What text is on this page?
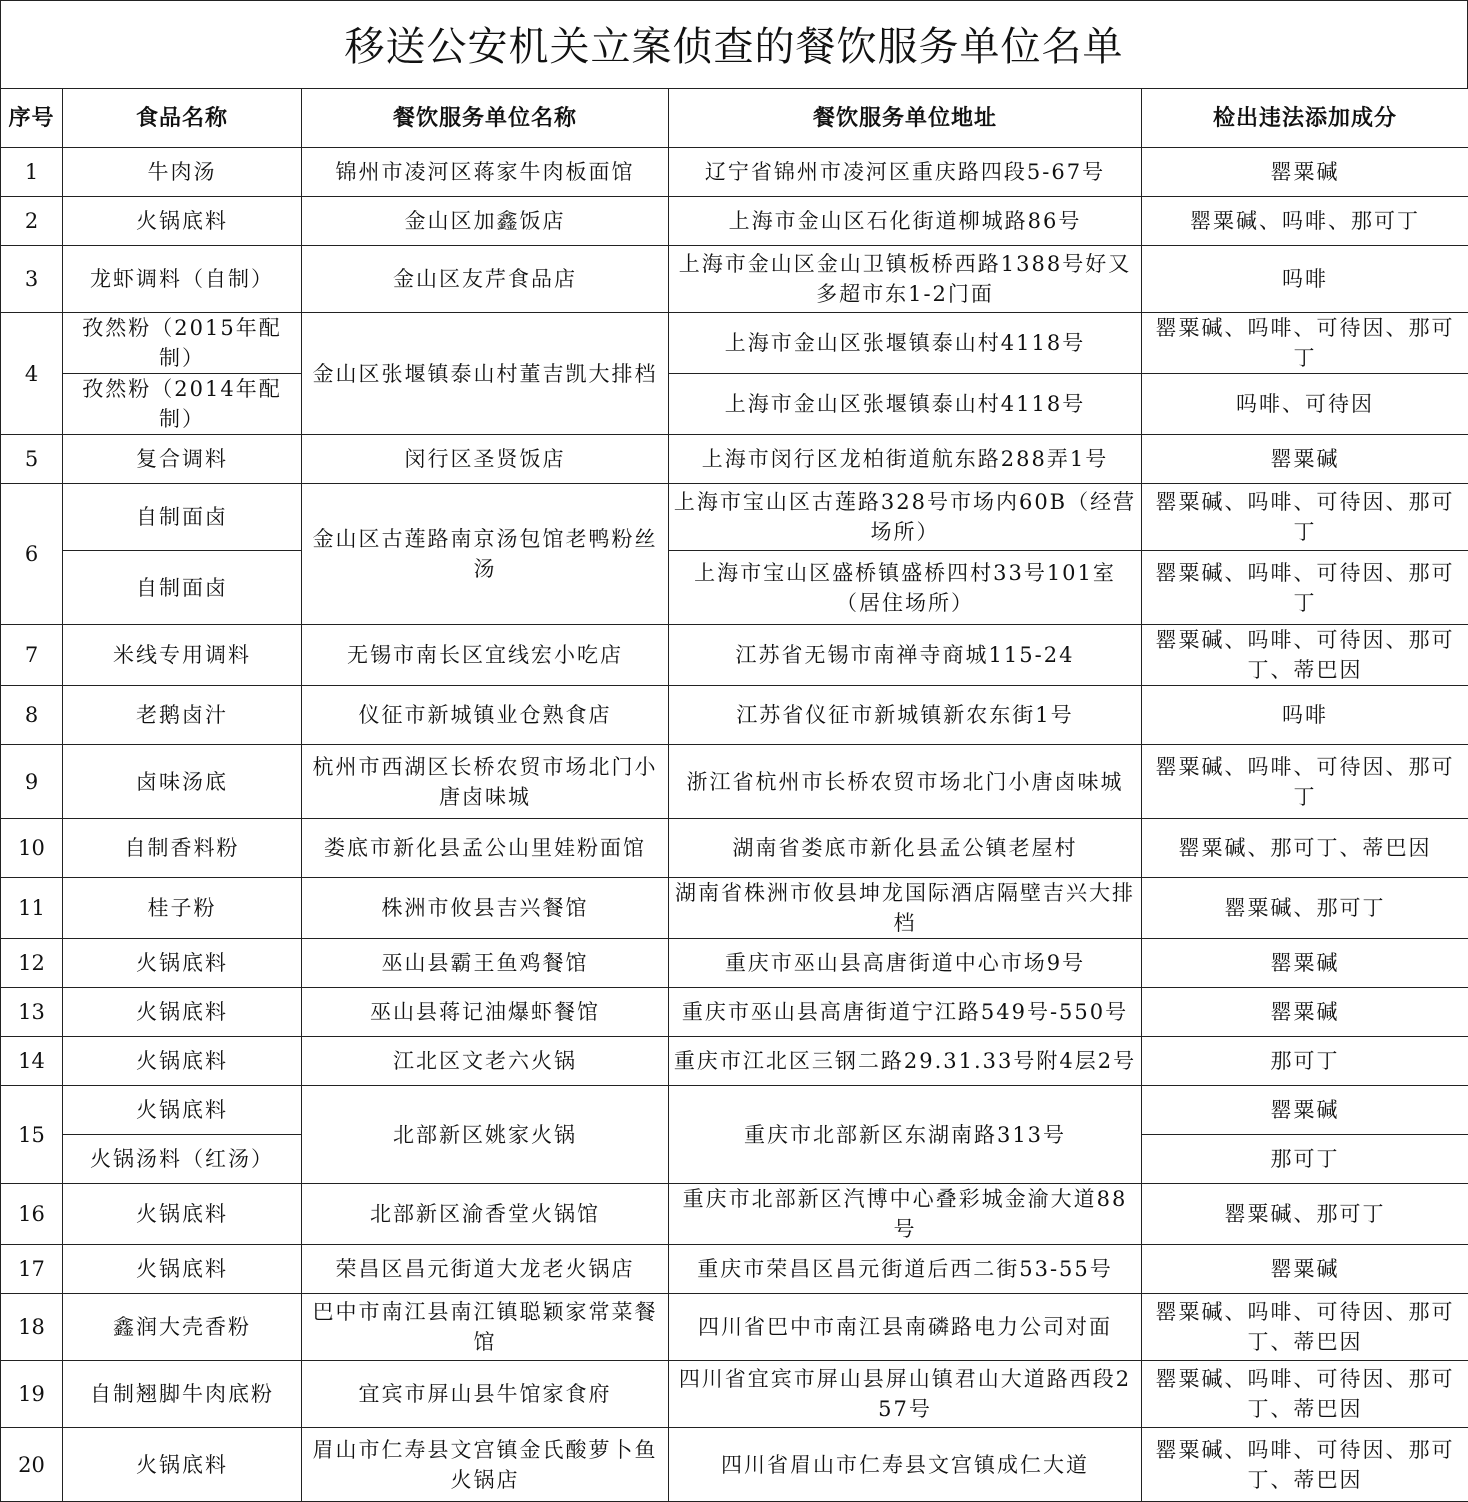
移送公安机关立案侦查的餐饮服务单位名单
序号	食品名称	餐饮服务单位名称	餐饮服务单位地址	检出违法添加成分
1	牛肉汤	锦州市凌河区蒋家牛肉板面馆	辽宁省锦州市凌河区重庆路四段5-67号	罂粟碱
2	火锅底料	金山区加鑫饭店	上海市金山区石化街道柳城路86号	罂粟碱、吗啡、那可丁
3	龙虾调料（自制）	金山区友芹食品店	上海市金山区金山卫镇板桥西路1388号好又多超市东1-2门面	吗啡
4	孜然粉（2015年配制）	金山区张堰镇泰山村董吉凯大排档	上海市金山区张堰镇泰山村4118号	罂粟碱、吗啡、可待因、那可丁
	孜然粉（2014年配制）		上海市金山区张堰镇泰山村4118号	吗啡、可待因
5	复合调料	闵行区圣贤饭店	上海市闵行区龙柏街道航东路288弄1号	罂粟碱
6	自制面卤	金山区古莲路南京汤包馆老鸭粉丝汤	上海市宝山区古莲路328号市场内60B（经营场所）	罂粟碱、吗啡、可待因、那可丁
	自制面卤		上海市宝山区盛桥镇盛桥四村33号101室（居住场所）	罂粟碱、吗啡、可待因、那可丁
7	米线专用调料	无锡市南长区宜线宏小吃店	江苏省无锡市南禅寺商城115-24	罂粟碱、吗啡、可待因、那可丁、蒂巴因
8	老鹅卤汁	仪征市新城镇业仓熟食店	江苏省仪征市新城镇新农东街1号	吗啡
9	卤味汤底	杭州市西湖区长桥农贸市场北门小唐卤味城	浙江省杭州市长桥农贸市场北门小唐卤味城	罂粟碱、吗啡、可待因、那可丁
10	自制香料粉	娄底市新化县孟公山里娃粉面馆	湖南省娄底市新化县孟公镇老屋村	罂粟碱、那可丁、蒂巴因
11	桂子粉	株洲市攸县吉兴餐馆	湖南省株洲市攸县坤龙国际酒店隔壁吉兴大排档	罂粟碱、那可丁
12	火锅底料	巫山县霸王鱼鸡餐馆	重庆市巫山县高唐街道中心市场9号	罂粟碱
13	火锅底料	巫山县蒋记油爆虾餐馆	重庆市巫山县高唐街道宁江路549号-550号	罂粟碱
14	火锅底料	江北区文老六火锅	重庆市江北区三钢二路29.31.33号附4层2号	那可丁
15	火锅底料	北部新区姚家火锅	重庆市北部新区东湖南路313号	罂粟碱
	火锅汤料（红汤）			那可丁
16	火锅底料	北部新区渝香堂火锅馆	重庆市北部新区汽博中心叠彩城金渝大道88号	罂粟碱、那可丁
17	火锅底料	荣昌区昌元街道大龙老火锅店	重庆市荣昌区昌元街道后西二街53-55号	罂粟碱
18	鑫润大壳香粉	巴中市南江县南江镇聪颖家常菜餐馆	四川省巴中市南江县南磷路电力公司对面	罂粟碱、吗啡、可待因、那可丁、蒂巴因
19	自制翘脚牛肉底粉	宜宾市屏山县牛馆家食府	四川省宜宾市屏山县屏山镇君山大道路西段257号	罂粟碱、吗啡、可待因、那可丁、蒂巴因
20	火锅底料	眉山市仁寿县文宫镇金氏酸萝卜鱼火锅店	四川省眉山市仁寿县文宫镇成仁大道	罂粟碱、吗啡、可待因、那可丁、蒂巴因
